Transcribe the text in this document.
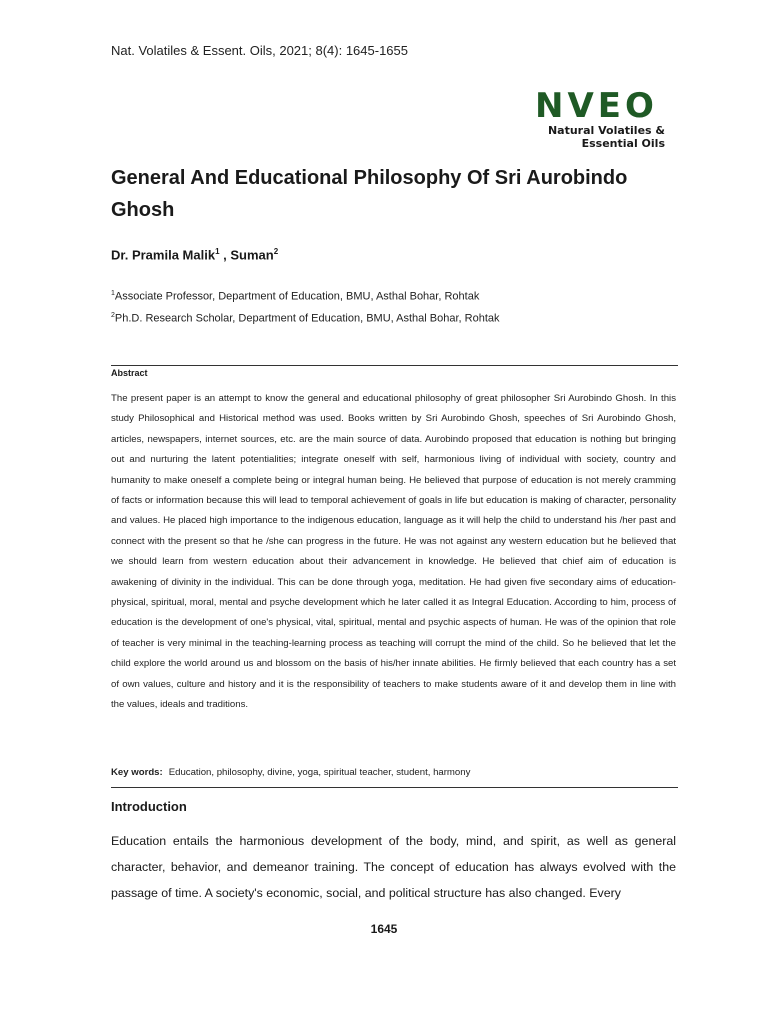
Nat. Volatiles & Essent. Oils, 2021; 8(4): 1645-1655
NVEO
Natural Volatiles &
Essential Oils
General And Educational Philosophy Of Sri Aurobindo Ghosh
Dr. Pramila Malik$^1$ , Suman$^2$
$^1$Associate Professor, Department of Education, BMU, Asthal Bohar, Rohtak
$^2$Ph.D. Research Scholar, Department of Education, BMU, Asthal Bohar, Rohtak
Abstract
The present paper is an attempt to know the general and educational philosophy of great philosopher Sri Aurobindo Ghosh. In this study Philosophical and Historical method was used. Books written by Sri Aurobindo Ghosh, speeches of Sri Aurobindo Ghosh, articles, newspapers, internet sources, etc. are the main source of data. Aurobindo proposed that education is nothing but bringing out and nurturing the latent potentialities; integrate oneself with self, harmonious living of individual with society, country and humanity to make oneself a complete being or integral human being. He believed that purpose of education is not merely cramming of facts or information because this will lead to temporal achievement of goals in life but education is making of character, personality and values. He placed high importance to the indigenous education, language as it will help the child to understand his /her past and connect with the present so that he /she can progress in the future. He was not against any western education but he believed that we should learn from western education about their advancement in knowledge. He believed that chief aim of education is awakening of divinity in the individual. This can be done through yoga, meditation. He had given five secondary aims of education- physical, spiritual, moral, mental and psyche development which he later called it as Integral Education. According to him, process of education is the development of one's physical, vital, spiritual, mental and psychic aspects of human. He was of the opinion that role of teacher is very minimal in the teaching-learning process as teaching will corrupt the mind of the child. So he believed that let the child explore the world around us and blossom on the basis of his/her innate abilities. He firmly believed that each country has a set of own values, culture and history and it is the responsibility of teachers to make students aware of it and develop them in line with the values, ideals and traditions.
Key words: Education, philosophy, divine, yoga, spiritual teacher, student, harmony
Introduction
Education entails the harmonious development of the body, mind, and spirit, as well as general character, behavior, and demeanor training. The concept of education has always evolved with the passage of time. A society's economic, social, and political structure has also changed. Every
1645
